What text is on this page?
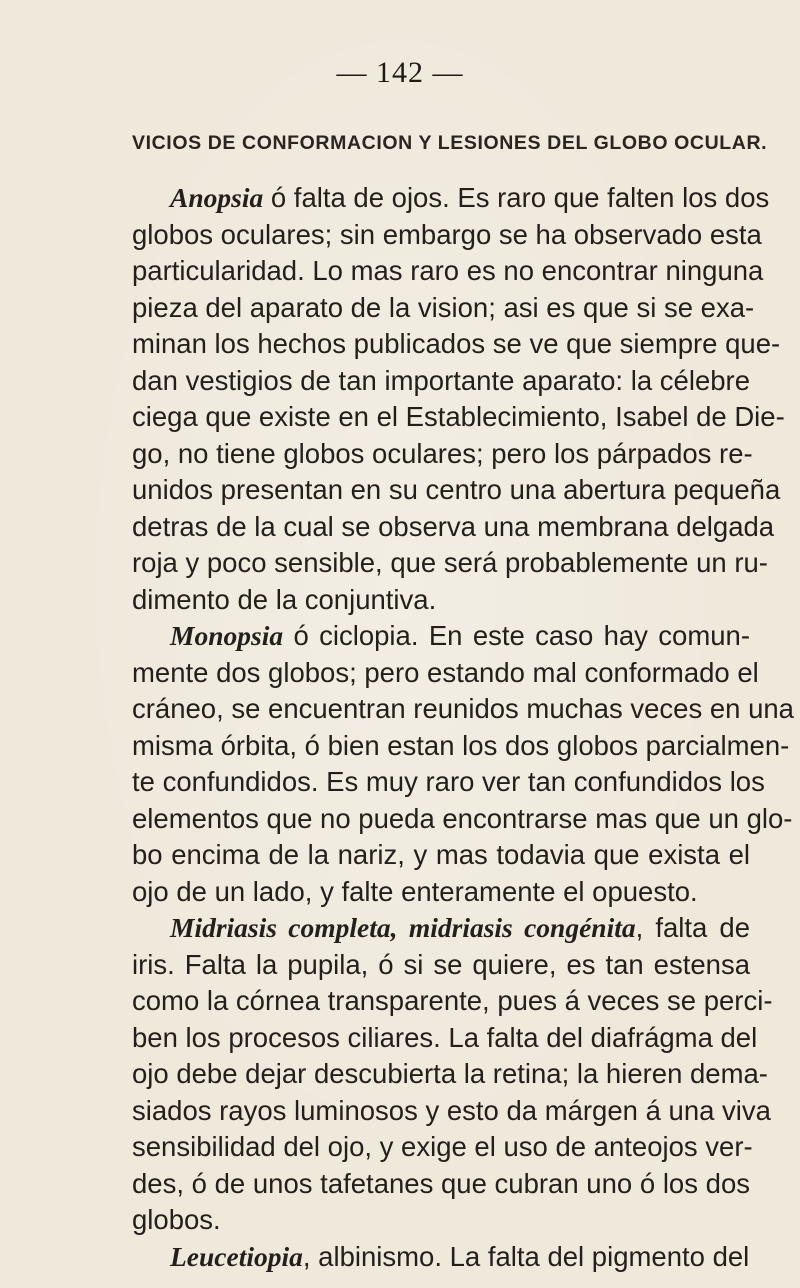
— 142 —
VICIOS DE CONFORMACION Y LESIONES DEL GLOBO OCULAR.
Anopsia ó falta de ojos. Es raro que falten los dos
globos oculares; sin embargo se ha observado esta
particularidad. Lo mas raro es no encontrar ninguna
pieza del aparato de la vision; asi es que si se exa-
minan los hechos publicados se ve que siempre que-
dan vestigios de tan importante aparato: la célebre
ciega que existe en el Establecimiento, Isabel de Die-
go, no tiene globos oculares; pero los párpados re-
unidos presentan en su centro una abertura pequeña
detras de la cual se observa una membrana delgada
roja y poco sensible, que será probablemente un ru-
dimento de la conjuntiva.
Monopsia ó ciclopia. En este caso hay comun-
mente dos globos; pero estando mal conformado el
cráneo, se encuentran reunidos muchas veces en una
misma órbita, ó bien estan los dos globos parcialmen-
te confundidos. Es muy raro ver tan confundidos los
elementos que no pueda encontrarse mas que un glo-
bo encima de la nariz, y mas todavia que exista el
ojo de un lado, y falte enteramente el opuesto.
Midriasis completa, midriasis congénita, falta de
iris. Falta la pupila, ó si se quiere, es tan estensa
como la córnea transparente, pues á veces se perci-
ben los procesos ciliares. La falta del diafrágma del
ojo debe dejar descubierta la retina; la hieren dema-
siados rayos luminosos y esto da márgen á una viva
sensibilidad del ojo, y exige el uso de anteojos ver-
des, ó de unos tafetanes que cubran uno ó los dos
globos.
Leucetiopia, albinismo. La falta del pigmento del
